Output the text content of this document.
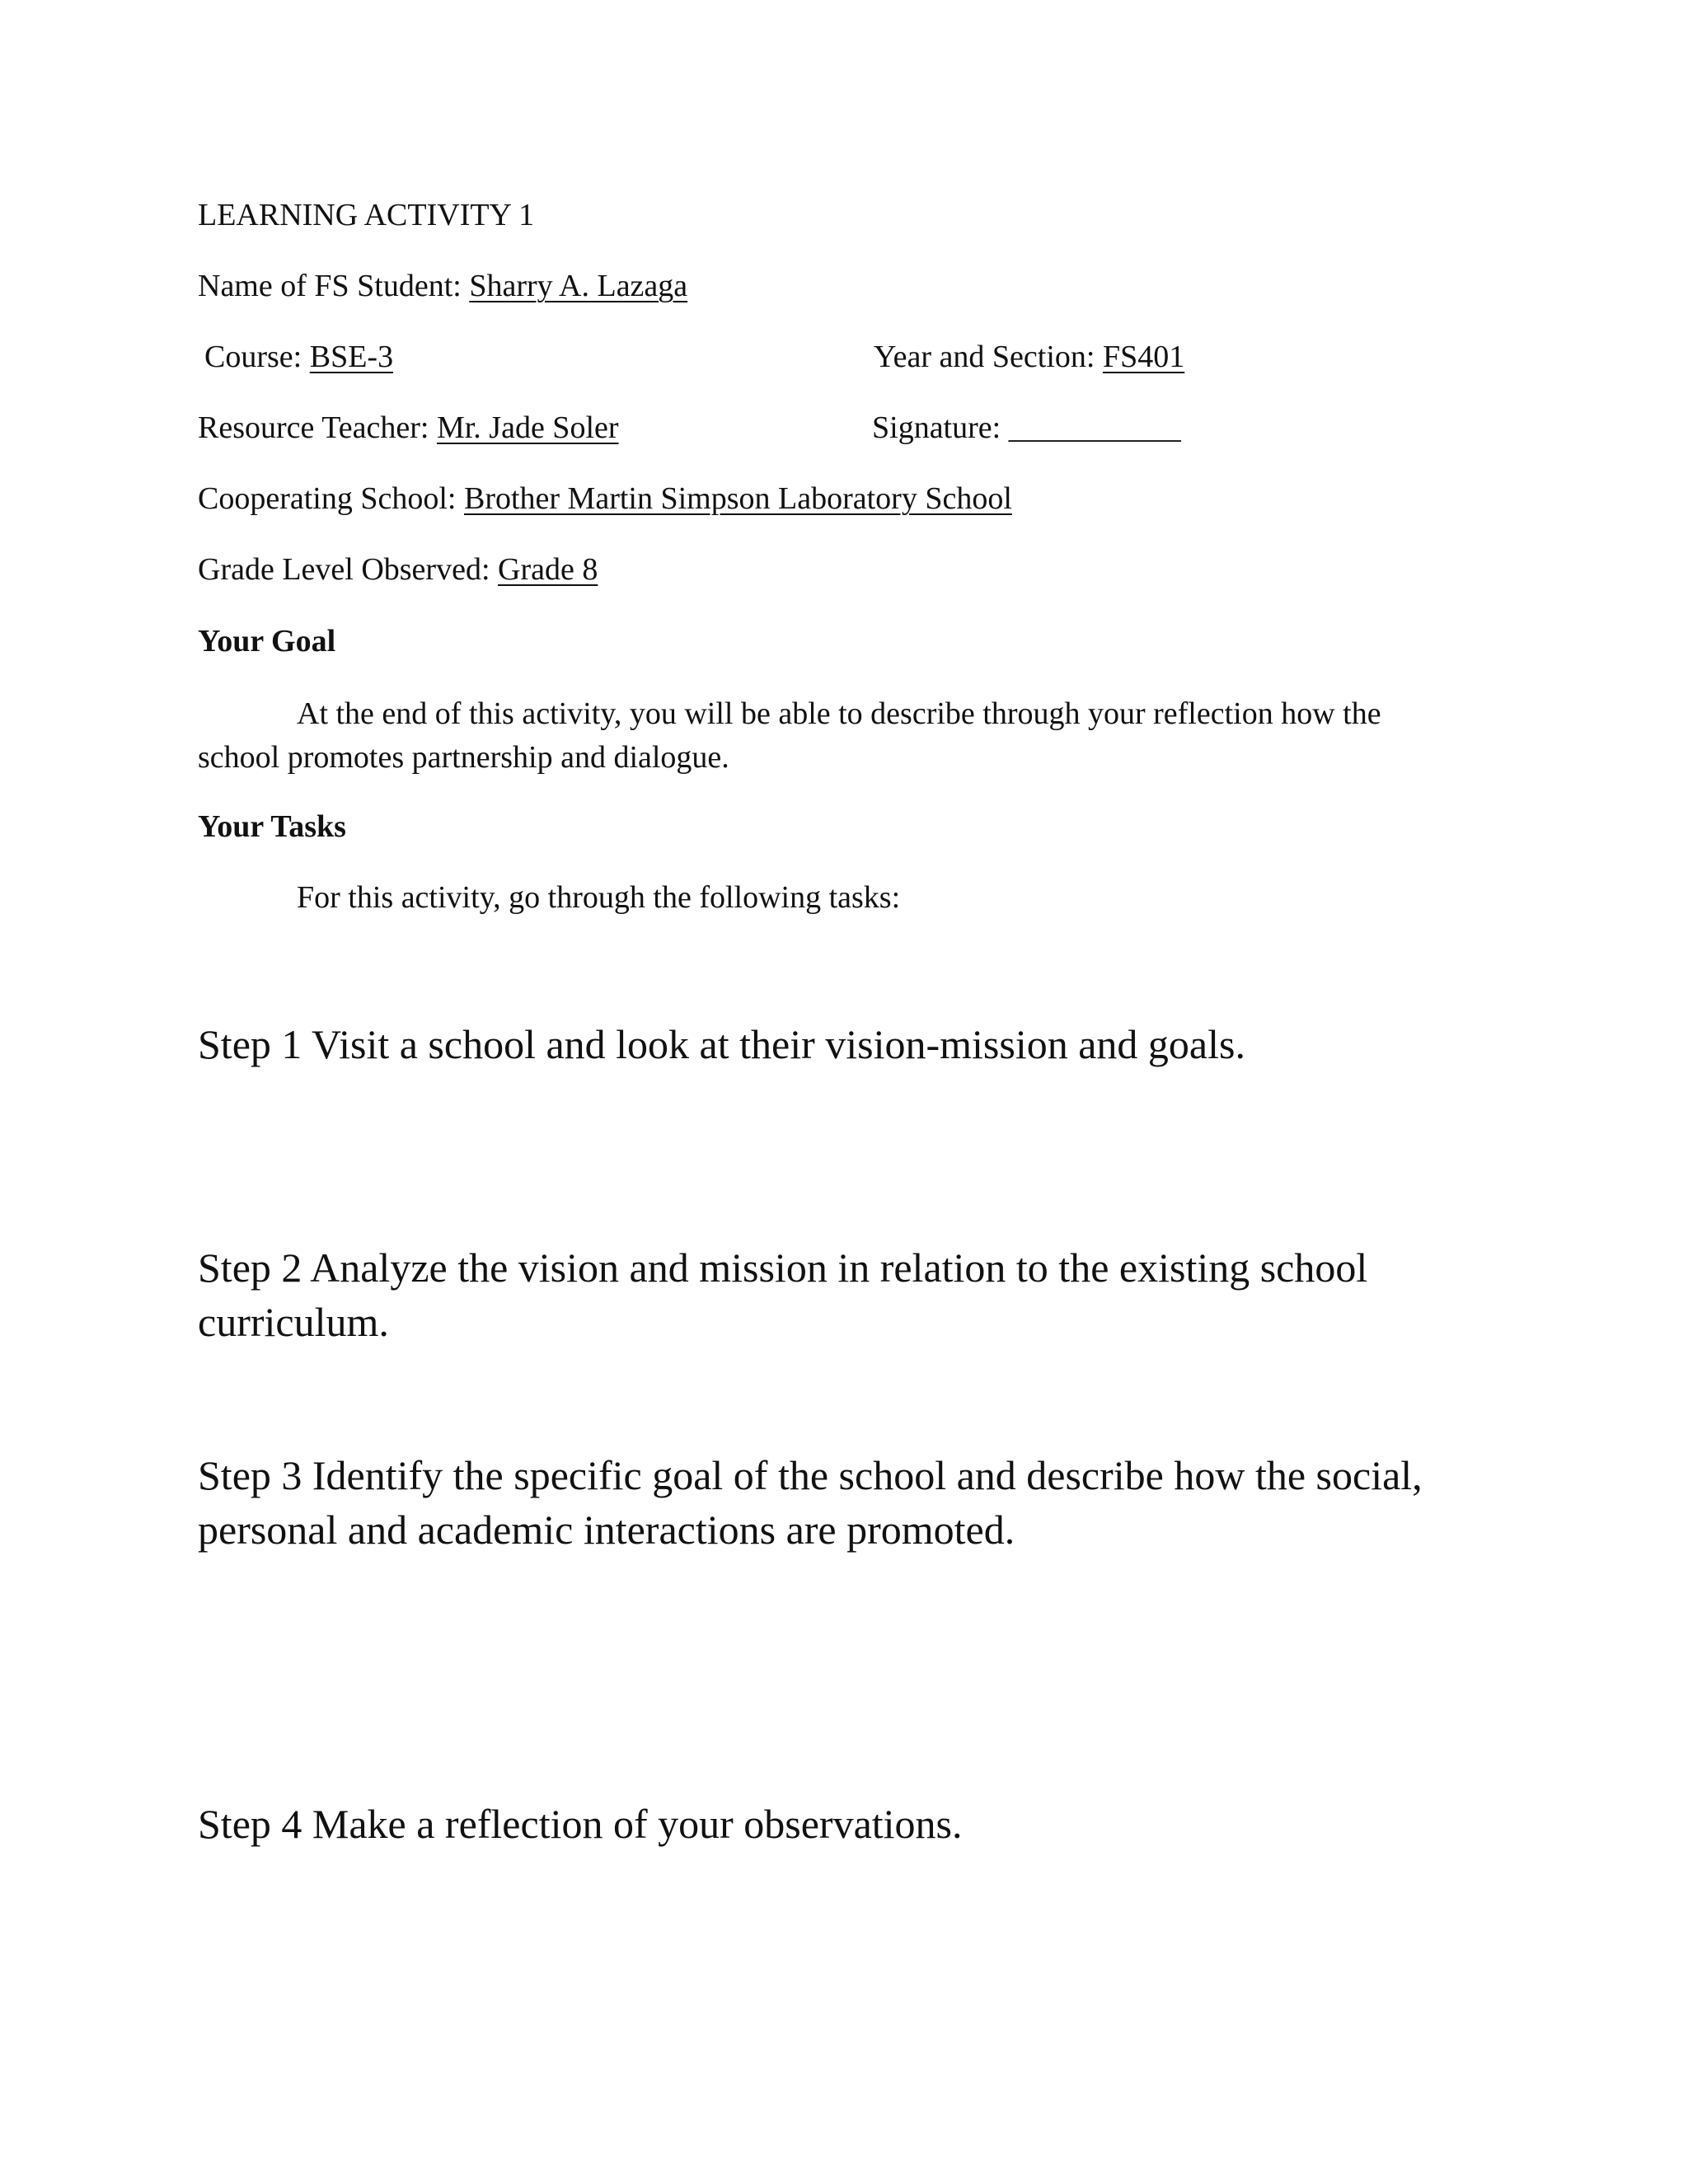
LEARNING ACTIVITY 1
Name of FS Student: Sharry A. Lazaga
Course: BSE-3	Year and Section: FS401
Resource Teacher: Mr. Jade Soler	Signature: ___________
Cooperating School: Brother Martin Simpson Laboratory School
Grade Level Observed: Grade 8
Your Goal
At the end of this activity, you will be able to describe through your reflection how the school promotes partnership and dialogue.
Your Tasks
For this activity, go through the following tasks:
Step 1 Visit a school and look at their vision-mission and goals.
Step 2 Analyze the vision and mission in relation to the existing school curriculum.
Step 3 Identify the specific goal of the school and describe how the social, personal and academic interactions are promoted.
Step 4 Make a reflection of your observations.
